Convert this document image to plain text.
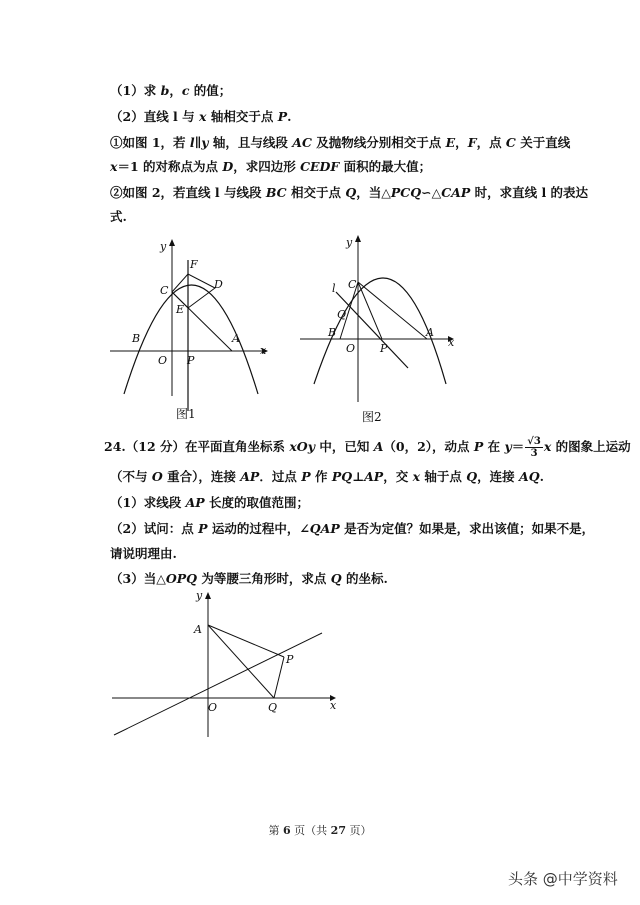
（1）求 b，c 的值；
（2）直线 l 与 x 轴相交于点 P.
①如图 1，若 l∥y 轴，且与线段 AC 及抛物线分别相交于点 E，F，点 C 关于直线
x＝1 的对称点为点 D，求四边形 CEDF 面积的最大值；
②如图 2，若直线 l 与线段 BC 相交于点 Q，当△PCQ∽△CAP 时，求直线 l 的表达
式.
y
F
C	D
E
B	A
O P
x
图1
y
C
l
Q
B	A
O P	x
图2
24.（12 分）在平面直角坐标系 xOy 中，已知 A（0，2），动点 P 在 $y= \frac{√3}{3}$ x 的图象上运动
（不与 O 重合），连接 AP．过点 P 作 PQ⊥AP，交 x 轴于点 Q，连接 AQ.
（1）求线段 AP 长度的取值范围；
（2）试问：点 P 运动的过程中，∠QAP 是否为定值？如果是，求出该值；如果不是，
请说明理由.
（3）当△OPQ 为等腰三角形时，求点 Q 的坐标.
y
A
P
O	Q	x
第 6 页（共 27 页）
头条 @中学资料
